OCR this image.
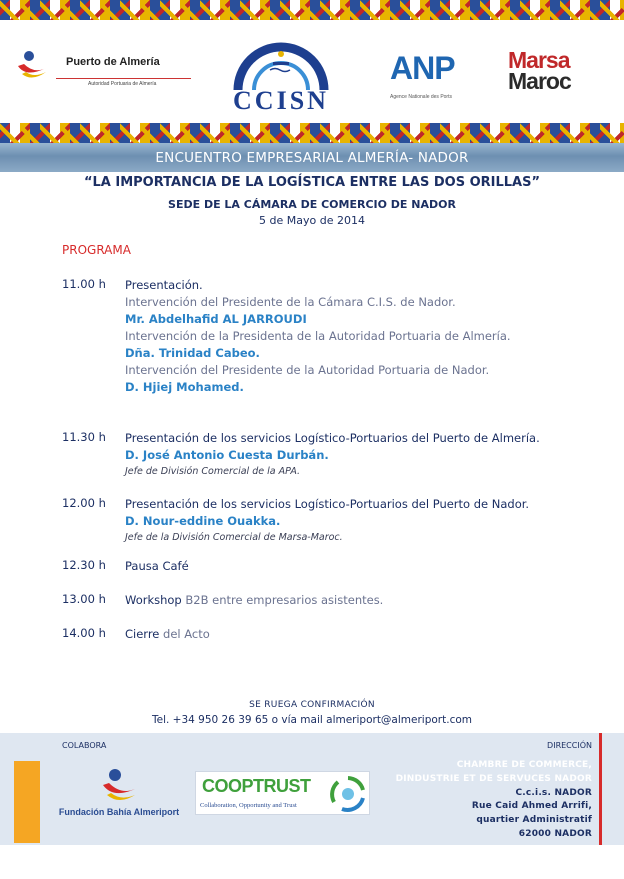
Puerto de Almería
Autoridad Portuaria de Almería
CCISN
ANP
Agence Nationale des Ports
Marsa
Maroc
ENCUENTRO EMPRESARIAL ALMERÍA- NADOR
“LA IMPORTANCIA DE LA LOGÍSTICA ENTRE LAS DOS ORILLAS”
SEDE DE LA CÁMARA DE COMERCIO DE NADOR
5 de Mayo de 2014
PROGRAMA
11.00 h Presentación.
Intervención del Presidente de la Cámara C.I.S. de Nador.
Mr. Abdelhafid AL JARROUDI
Intervención de la Presidenta de la Autoridad Portuaria de Almería.
Dña. Trinidad Cabeo.
Intervención del Presidente de la Autoridad Portuaria de Nador.
D. Hjiej Mohamed.
11.30 h Presentación de los servicios Logístico-Portuarios del Puerto de Almería.
D. José Antonio Cuesta Durbán.
Jefe de División Comercial de la APA.
12.00 h Presentación de los servicios Logístico-Portuarios del Puerto de Nador.
D. Nour-eddine Ouakka.
Jefe de la División Comercial de Marsa-Maroc.
12.30 h Pausa Café
13.00 h Workshop B2B entre empresarios asistentes.
14.00 h Cierre del Acto
SE RUEGA CONFIRMACIÓN
Tel. +34 950 26 39 65 o vía mail almeriport@almeriport.com
COLABORA
Fundación Bahía Almeriport
COOPTRUST
Collaboration, Opportunity and Trust
DIRECCIÓN
CHAMBRE DE COMMERCE,
DINDUSTRIE ET DE SERVUCES NADOR
C.c.i.s. NADOR
Rue Caid Ahmed Arrifi,
quartier Administratif
62000 NADOR
